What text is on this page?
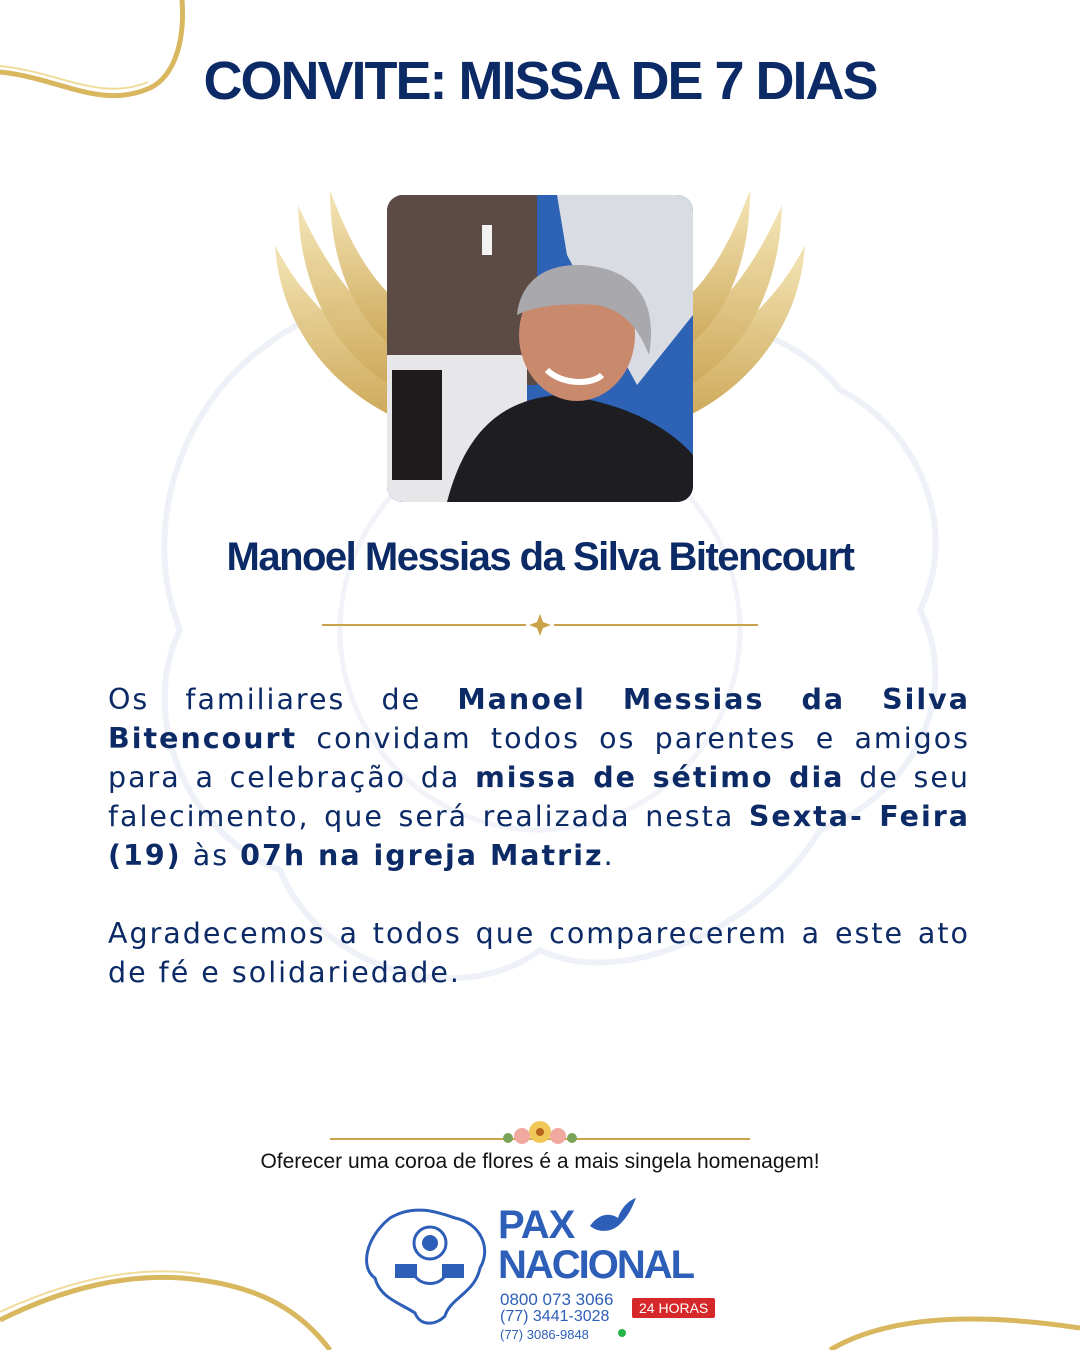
CONVITE: MISSA DE 7 DIAS
Manoel Messias da Silva Bitencourt
Os familiares de Manoel Messias da Silva Bitencourt convidam todos os parentes e amigos para a celebração da missa de sétimo dia de seu falecimento, que será realizada nesta Sexta- Feira (19) às 07h na igreja Matriz.
Agradecemos a todos que comparecerem a este ato de fé e solidariedade.
Oferecer uma coroa de flores é a mais singela homenagem!
PAX
NACIONAL
0800 073 3066
(77) 3441-3028
(77) 3086-9848
24 HORAS
